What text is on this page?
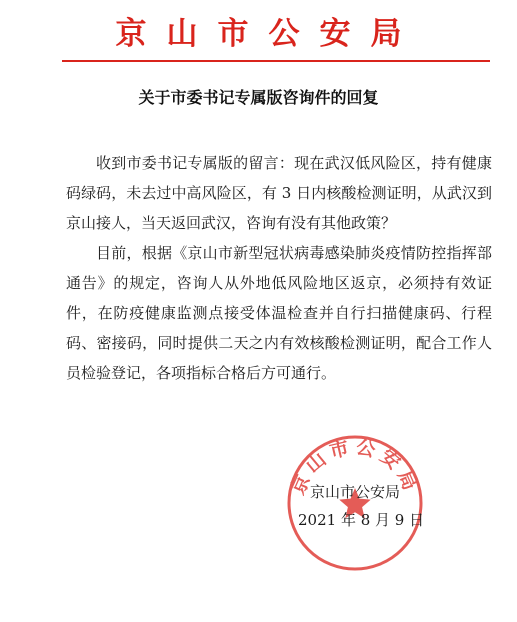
京山市公安局
关于市委书记专属版咨询件的回复

收到市委书记专属版的留言：现在武汉低风险区，持有健康码绿码，未去过中高风险区，有 3 日内核酸检测证明，从武汉到京山接人，当天返回武汉，咨询有没有其他政策？

目前，根据《京山市新型冠状病毒感染肺炎疫情防控指挥部通告》的规定，咨询人从外地低风险地区返京，必须持有效证件，在防疫健康监测点接受体温检查并自行扫描健康码、行程码、密接码，同时提供二天之内有效核酸检测证明，配合工作人员检验登记，各项指标合格后方可通行。

京山市公安局
京山市公安局
2021 年 8 月 9 日
